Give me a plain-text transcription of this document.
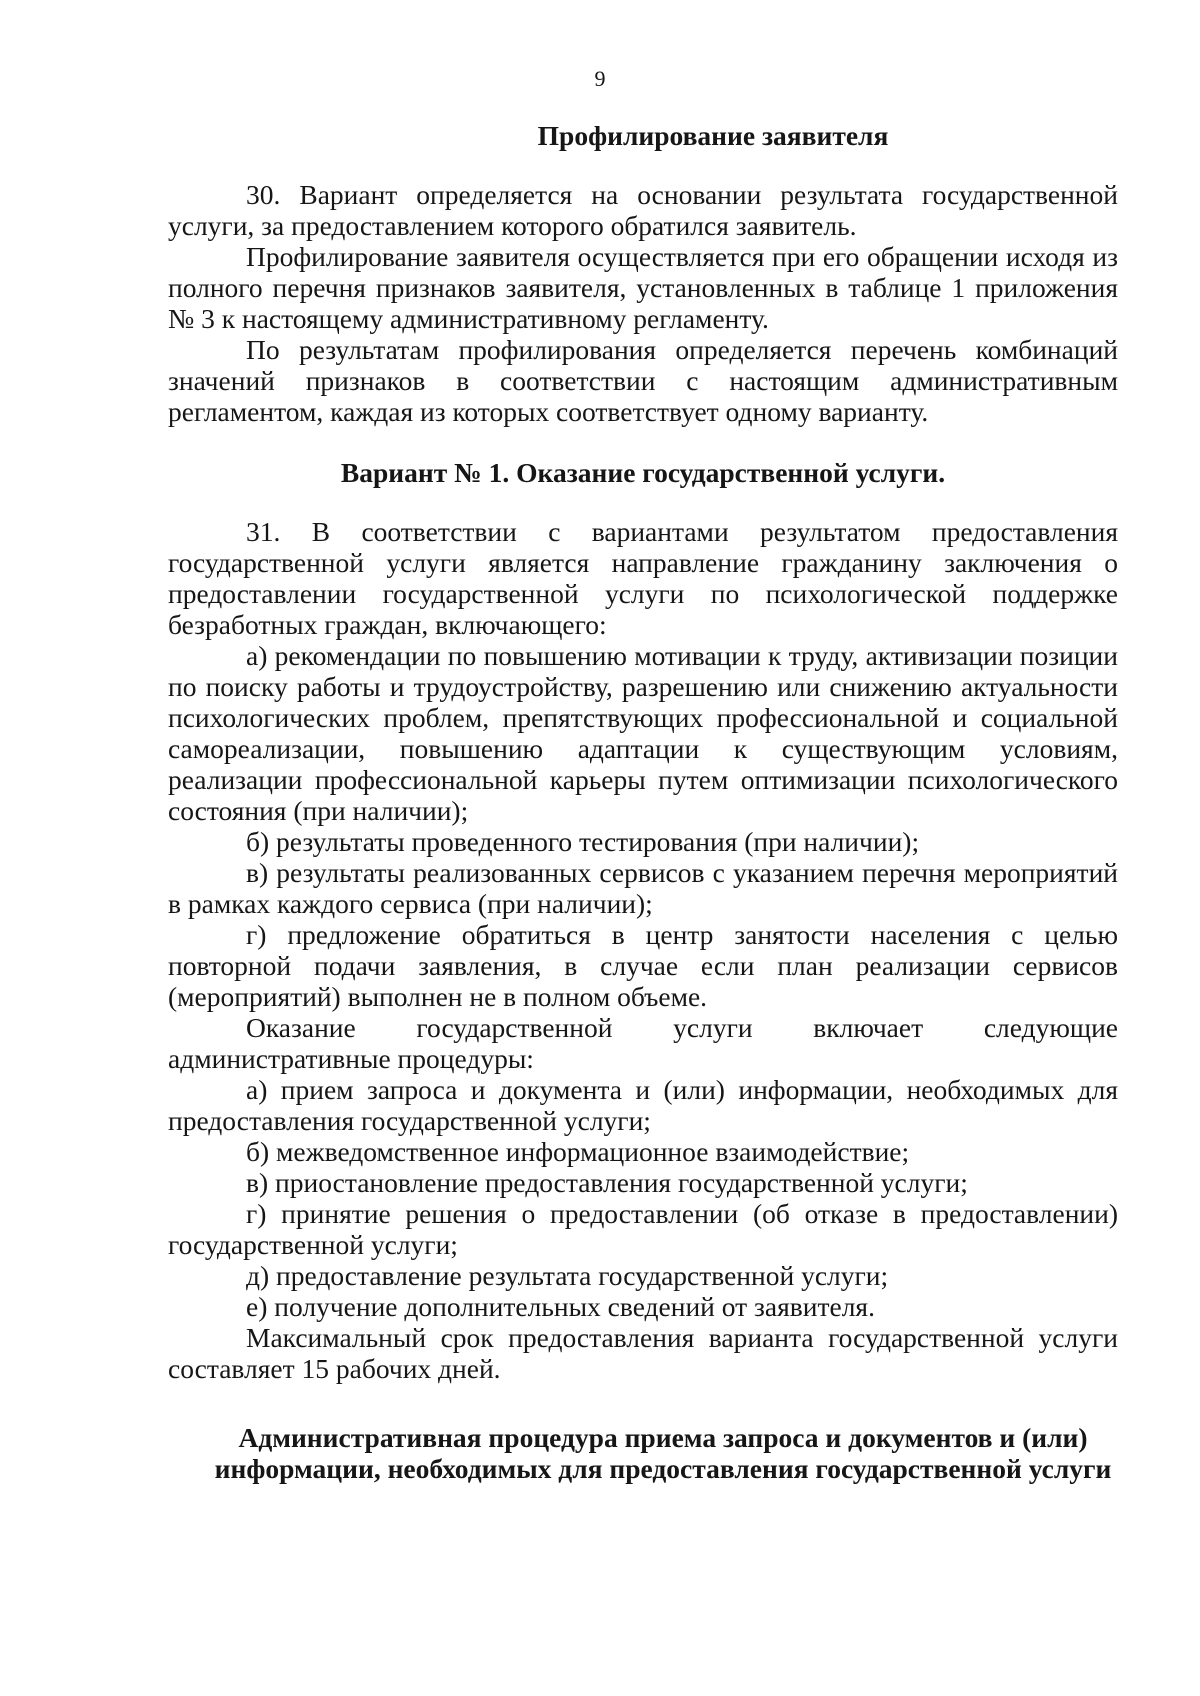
9

Профилирование заявителя

30. Вариант определяется на основании результата государственной услуги, за предоставлением которого обратился заявитель.

Профилирование заявителя осуществляется при его обращении исходя из полного перечня признаков заявителя, установленных в таблице 1 приложения № 3 к настоящему административному регламенту.

По результатам профилирования определяется перечень комбинаций значений признаков в соответствии с настоящим административным регламентом, каждая из которых соответствует одному варианту.

Вариант № 1. Оказание государственной услуги.

31. В соответствии с вариантами результатом предоставления государственной услуги является направление гражданину заключения о предоставлении государственной услуги по психологической поддержке безработных граждан, включающего:

а) рекомендации по повышению мотивации к труду, активизации позиции по поиску работы и трудоустройству, разрешению или снижению актуальности психологических проблем, препятствующих профессиональной и социальной самореализации, повышению адаптации к существующим условиям, реализации профессиональной карьеры путем оптимизации психологического состояния (при наличии);

б) результаты проведенного тестирования (при наличии);

в) результаты реализованных сервисов с указанием перечня мероприятий в рамках каждого сервиса (при наличии);

г) предложение обратиться в центр занятости населения с целью повторной подачи заявления, в случае если план реализации сервисов (мероприятий) выполнен не в полном объеме.

Оказание государственной услуги включает следующие административные процедуры:

а) прием запроса и документа и (или) информации, необходимых для предоставления государственной услуги;

б) межведомственное информационное взаимодействие;

в) приостановление предоставления государственной услуги;

г) принятие решения о предоставлении (об отказе в предоставлении) государственной услуги;

д) предоставление результата государственной услуги;

е) получение дополнительных сведений от заявителя.

Максимальный срок предоставления варианта государственной услуги составляет 15 рабочих дней.

Административная процедура приема запроса и документов и (или) информации, необходимых для предоставления государственной услуги
